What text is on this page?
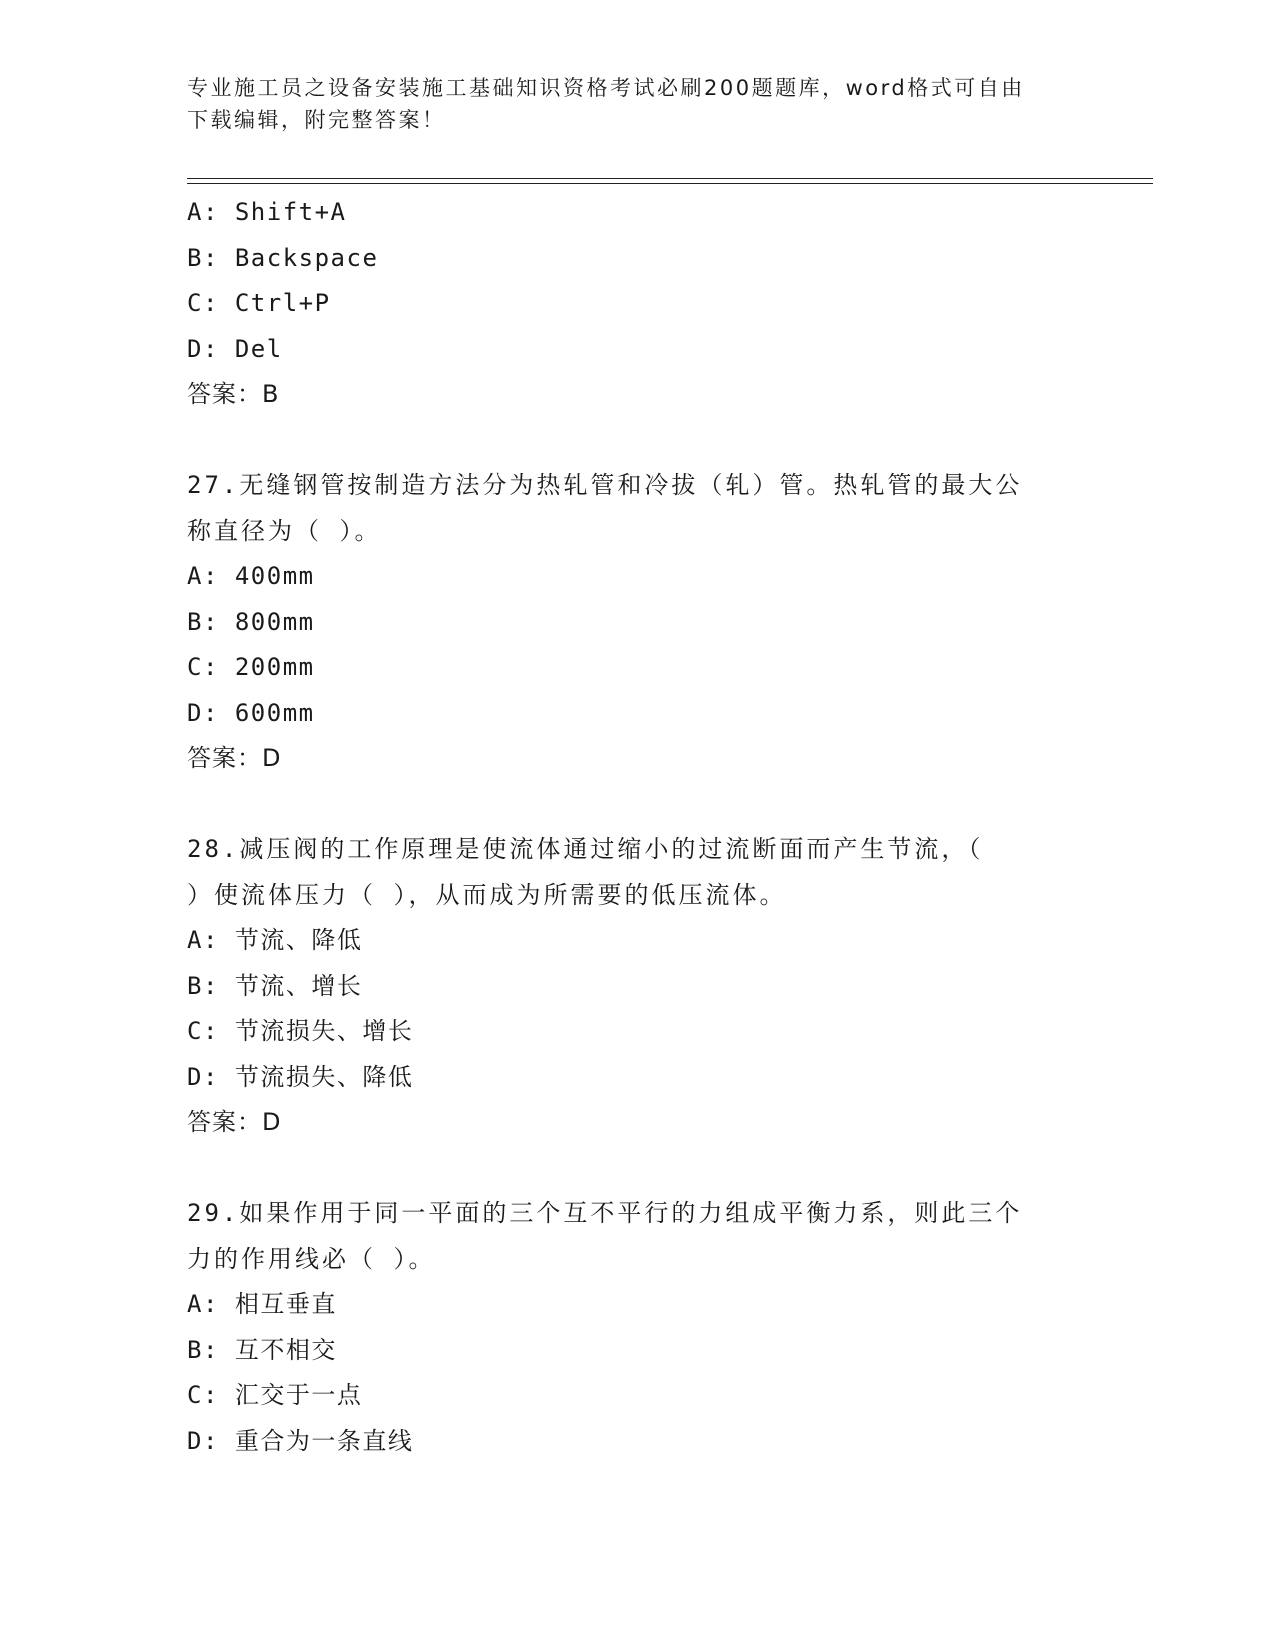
专业施工员之设备安装施工基础知识资格考试必刷200题题库，word格式可自由
下载编辑，附完整答案！
A: Shift+A
B: Backspace
C: Ctrl+P
D: Del
答案：B
27.无缝钢管按制造方法分为热轧管和冷拔（轧）管。热轧管的最大公
称直径为（ ）。
A: 400mm
B: 800mm
C: 200mm
D: 600mm
答案：D
28.减压阀的工作原理是使流体通过缩小的过流断面而产生节流，（
）使流体压力（ ），从而成为所需要的低压流体。
A: 节流、降低
B: 节流、增长
C: 节流损失、增长
D: 节流损失、降低
答案：D
29.如果作用于同一平面的三个互不平行的力组成平衡力系，则此三个
力的作用线必（ ）。
A: 相互垂直
B: 互不相交
C: 汇交于一点
D: 重合为一条直线
